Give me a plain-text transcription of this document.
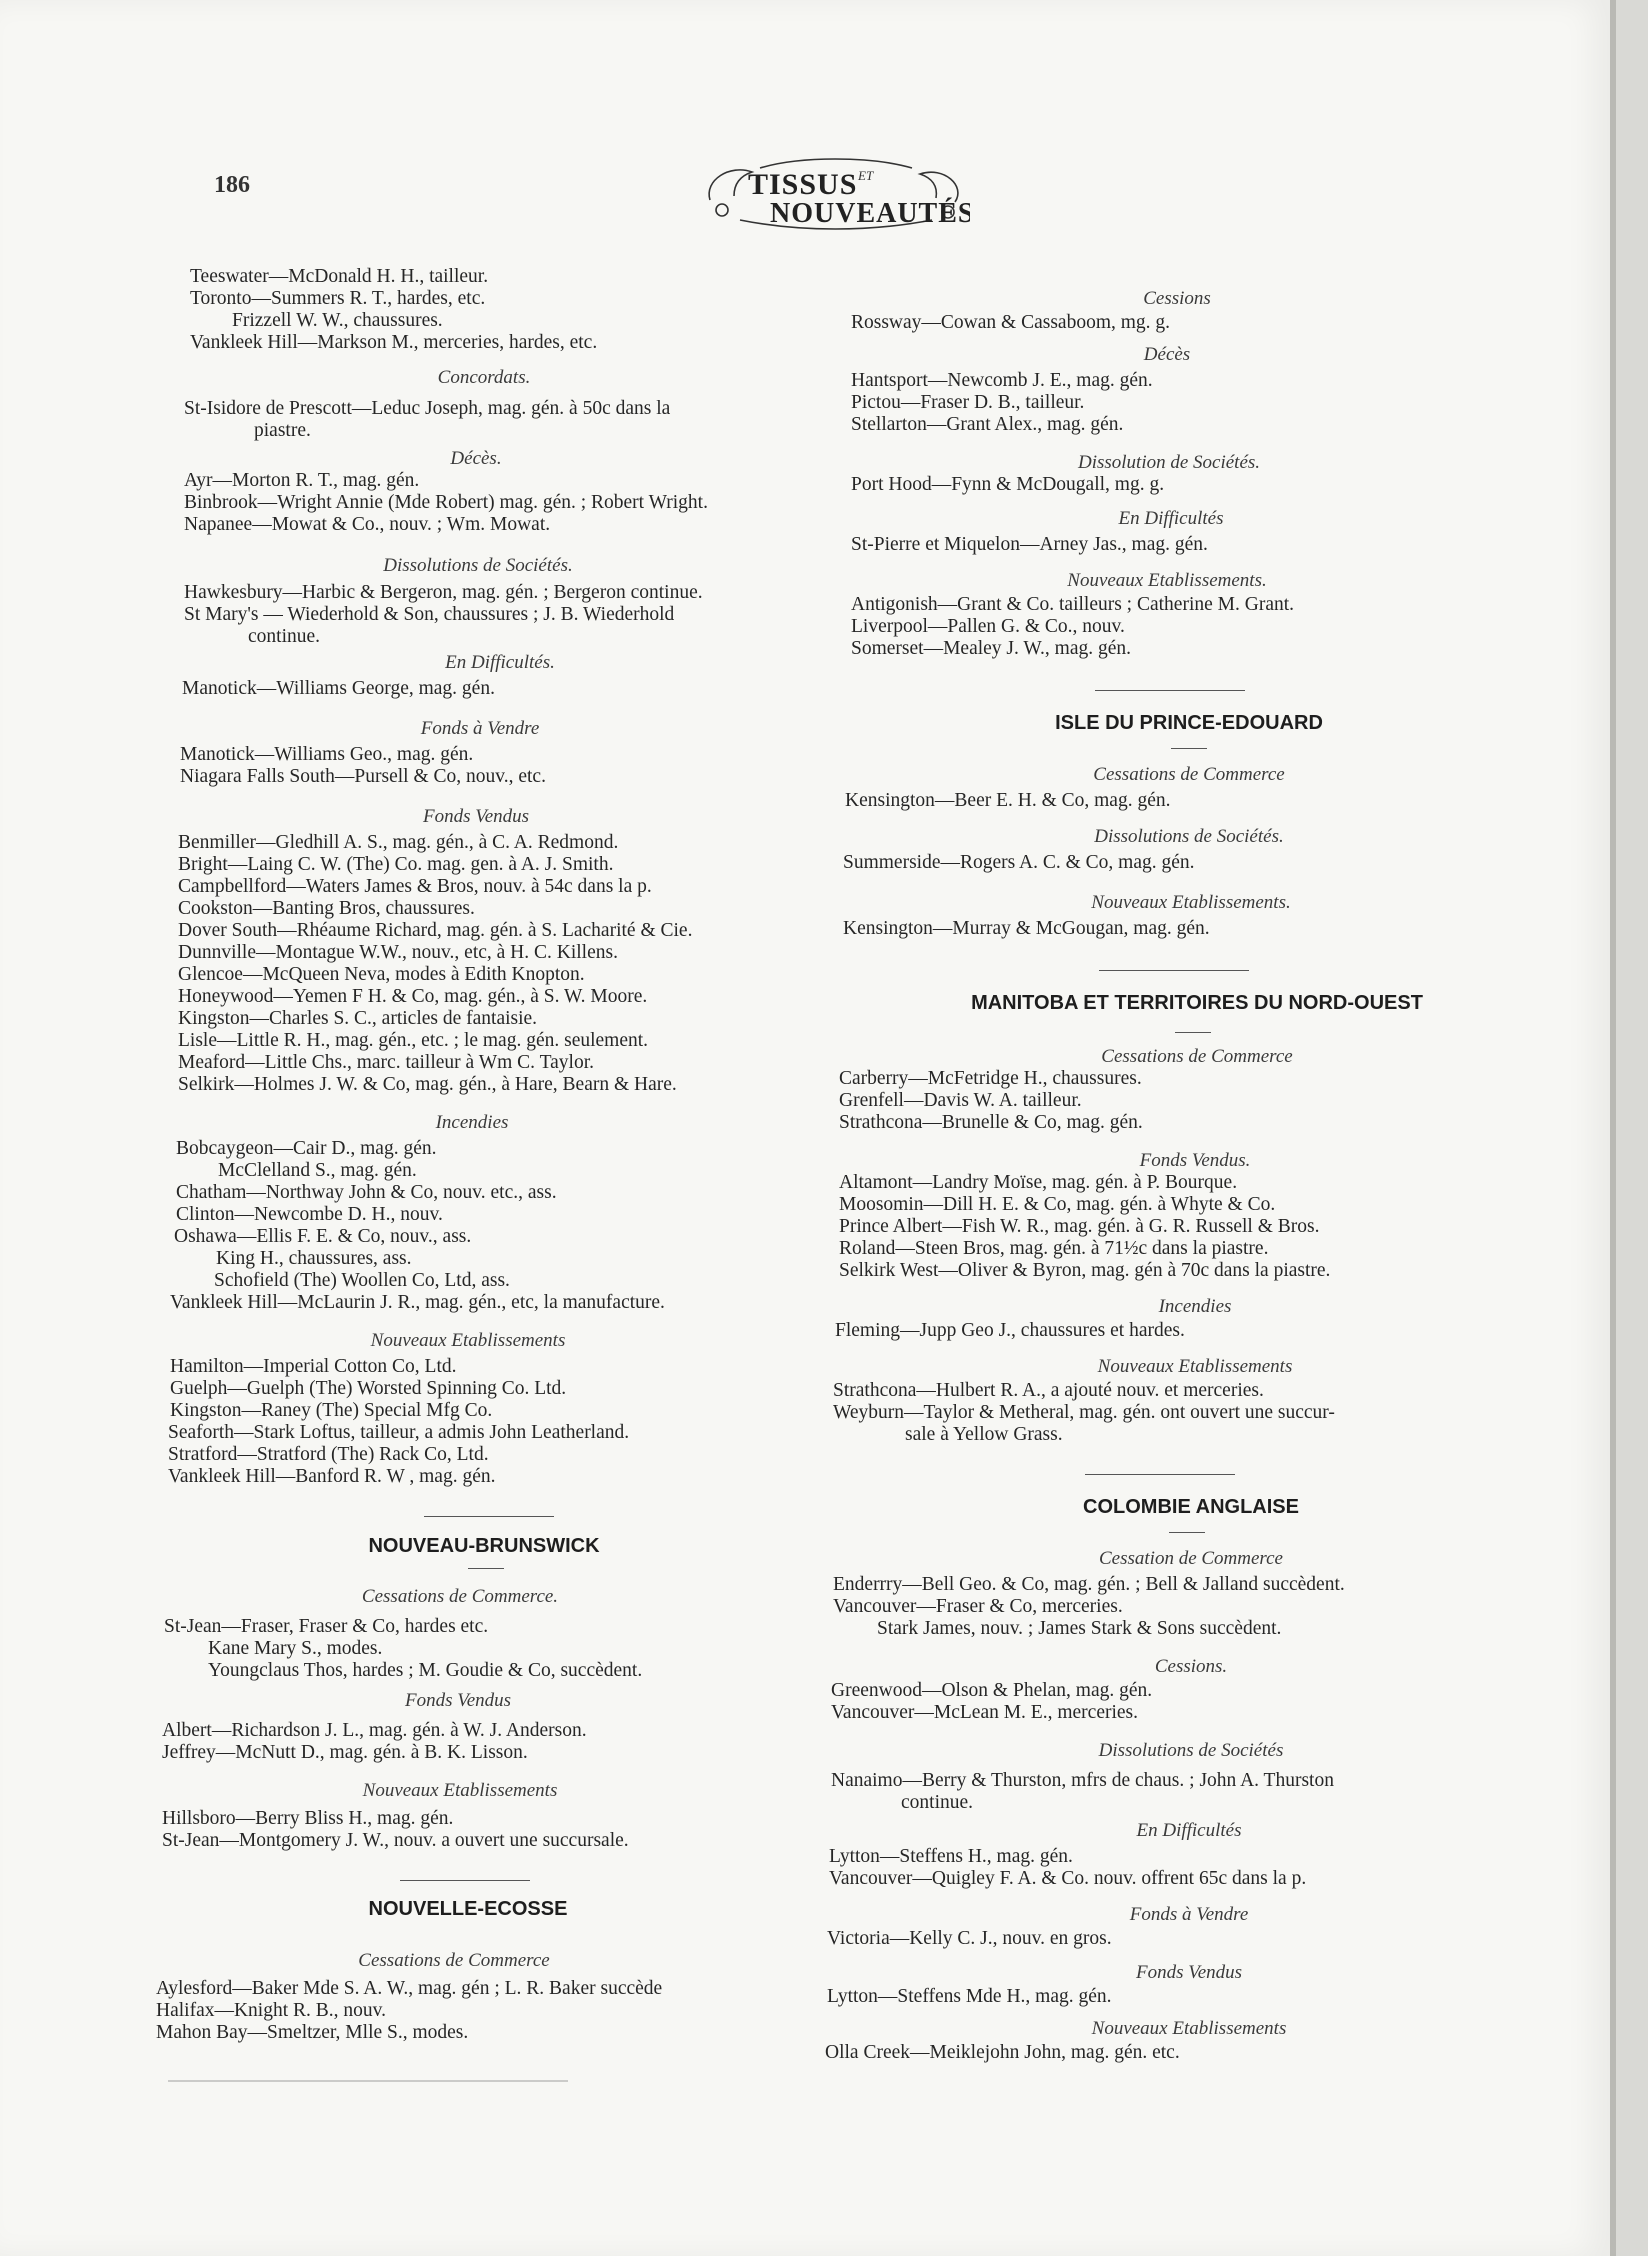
186	TISSUS ET
NOUVEAUTÉS
Teeswater—McDonald H. H., tailleur.
Toronto—Summers R. T., hardes, etc.
Frizzell W. W., chaussures.
Vankleek Hill—Markson M., merceries, hardes, etc.
Concordats.
St-Isidore de Prescott—Leduc Joseph, mag. gén. à 50c dans la
piastre.
Décès.
Ayr—Morton R. T., mag. gén.
Binbrook—Wright Annie (Mde Robert) mag. gén. ; Robert Wright.
Napanee—Mowat & Co., nouv. ; Wm. Mowat.
Dissolutions de Sociétés.
Hawkesbury—Harbic & Bergeron, mag. gén. ; Bergeron continue.
St Mary's — Wiederhold & Son, chaussures ; J. B. Wiederhold
continue.
En Difficultés.
Manotick—Williams George, mag. gén.
Fonds à Vendre
Manotick—Williams Geo., mag. gén.
Niagara Falls South—Pursell & Co, nouv., etc.
Fonds Vendus
Benmiller—Gledhill A. S., mag. gén., à C. A. Redmond.
Bright—Laing C. W. (The) Co. mag. gen. à A. J. Smith.
Campbellford—Waters James & Bros, nouv. à 54c dans la p.
Cookston—Banting Bros, chaussures.
Dover South—Rhéaume Richard, mag. gén. à S. Lacharité & Cie.
Dunnville—Montague W.W., nouv., etc, à H. C. Killens.
Glencoe—McQueen Neva, modes à Edith Knopton.
Honeywood—Yemen F H. & Co, mag. gén., à S. W. Moore.
Kingston—Charles S. C., articles de fantaisie.
Lisle—Little R. H., mag. gén., etc. ; le mag. gén. seulement.
Meaford—Little Chs., marc. tailleur à Wm C. Taylor.
Selkirk—Holmes J. W. & Co, mag. gén., à Hare, Bearn & Hare.
Incendies
Bobcaygeon—Cair D., mag. gén.
McClelland S., mag. gén.
Chatham—Northway John & Co, nouv. etc., ass.
Clinton—Newcombe D. H., nouv.
Oshawa—Ellis F. E. & Co, nouv., ass.
King H., chaussures, ass.
Schofield (The) Woollen Co, Ltd, ass.
Vankleek Hill—McLaurin J. R., mag. gén., etc, la manufacture.
Nouveaux Etablissements
Hamilton—Imperial Cotton Co, Ltd.
Guelph—Guelph (The) Worsted Spinning Co. Ltd.
Kingston—Raney (The) Special Mfg Co.
Seaforth—Stark Loftus, tailleur, a admis John Leatherland.
Stratford—Stratford (The) Rack Co, Ltd.
Vankleek Hill—Banford R. W , mag. gén.
NOUVEAU-BRUNSWICK
Cessations de Commerce.
St-Jean—Fraser, Fraser & Co, hardes etc.
Kane Mary S., modes.
Youngclaus Thos, hardes ; M. Goudie & Co, succèdent.
Fonds Vendus
Albert—Richardson J. L., mag. gén. à W. J. Anderson.
Jeffrey—McNutt D., mag. gén. à B. K. Lisson.
Nouveaux Etablissements
Hillsboro—Berry Bliss H., mag. gén.
St-Jean—Montgomery J. W., nouv. a ouvert une succursale.
NOUVELLE-ECOSSE
Cessations de Commerce
Aylesford—Baker Mde S. A. W., mag. gén ; L. R. Baker succède
Halifax—Knight R. B., nouv.
Mahon Bay—Smeltzer, Mlle S., modes.
Cessions
Rossway—Cowan & Cassaboom, mg. g.
Décès
Hantsport—Newcomb J. E., mag. gén.
Pictou—Fraser D. B., tailleur.
Stellarton—Grant Alex., mag. gén.
Dissolution de Sociétés.
Port Hood—Fynn & McDougall, mg. g.
En Difficultés
St-Pierre et Miquelon—Arney Jas., mag. gén.
Nouveaux Etablissements.
Antigonish—Grant & Co. tailleurs ; Catherine M. Grant.
Liverpool—Pallen G. & Co., nouv.
Somerset—Mealey J. W., mag. gén.
ISLE DU PRINCE-EDOUARD
Cessations de Commerce
Kensington—Beer E. H. & Co, mag. gén.
Dissolutions de Sociétés.
Summerside—Rogers A. C. & Co, mag. gén.
Nouveaux Etablissements.
Kensington—Murray & McGougan, mag. gén.
MANITOBA ET TERRITOIRES DU NORD-OUEST
Cessations de Commerce
Carberry—McFetridge H., chaussures.
Grenfell—Davis W. A. tailleur.
Strathcona—Brunelle & Co, mag. gén.
Fonds Vendus.
Altamont—Landry Moïse, mag. gén. à P. Bourque.
Moosomin—Dill H. E. & Co, mag. gén. à Whyte & Co.
Prince Albert—Fish W. R., mag. gén. à G. R. Russell & Bros.
Roland—Steen Bros, mag. gén. à 71½c dans la piastre.
Selkirk West—Oliver & Byron, mag. gén à 70c dans la piastre.
Incendies
Fleming—Jupp Geo J., chaussures et hardes.
Nouveaux Etablissements
Strathcona—Hulbert R. A., a ajouté nouv. et merceries.
Weyburn—Taylor & Metheral, mag. gén. ont ouvert une succur-
sale à Yellow Grass.
COLOMBIE ANGLAISE
Cessation de Commerce
Enderrry—Bell Geo. & Co, mag. gén. ; Bell & Jalland succèdent.
Vancouver—Fraser & Co, merceries.
Stark James, nouv. ; James Stark & Sons succèdent.
Cessions.
Greenwood—Olson & Phelan, mag. gén.
Vancouver—McLean M. E., merceries.
Dissolutions de Sociétés
Nanaimo—Berry & Thurston, mfrs de chaus. ; John A. Thurston
continue.
En Difficultés
Lytton—Steffens H., mag. gén.
Vancouver—Quigley F. A. & Co. nouv. offrent 65c dans la p.
Fonds à Vendre
Victoria—Kelly C. J., nouv. en gros.
Fonds Vendus
Lytton—Steffens Mde H., mag. gén.
Nouveaux Etablissements
Olla Creek—Meiklejohn John, mag. gén. etc.
